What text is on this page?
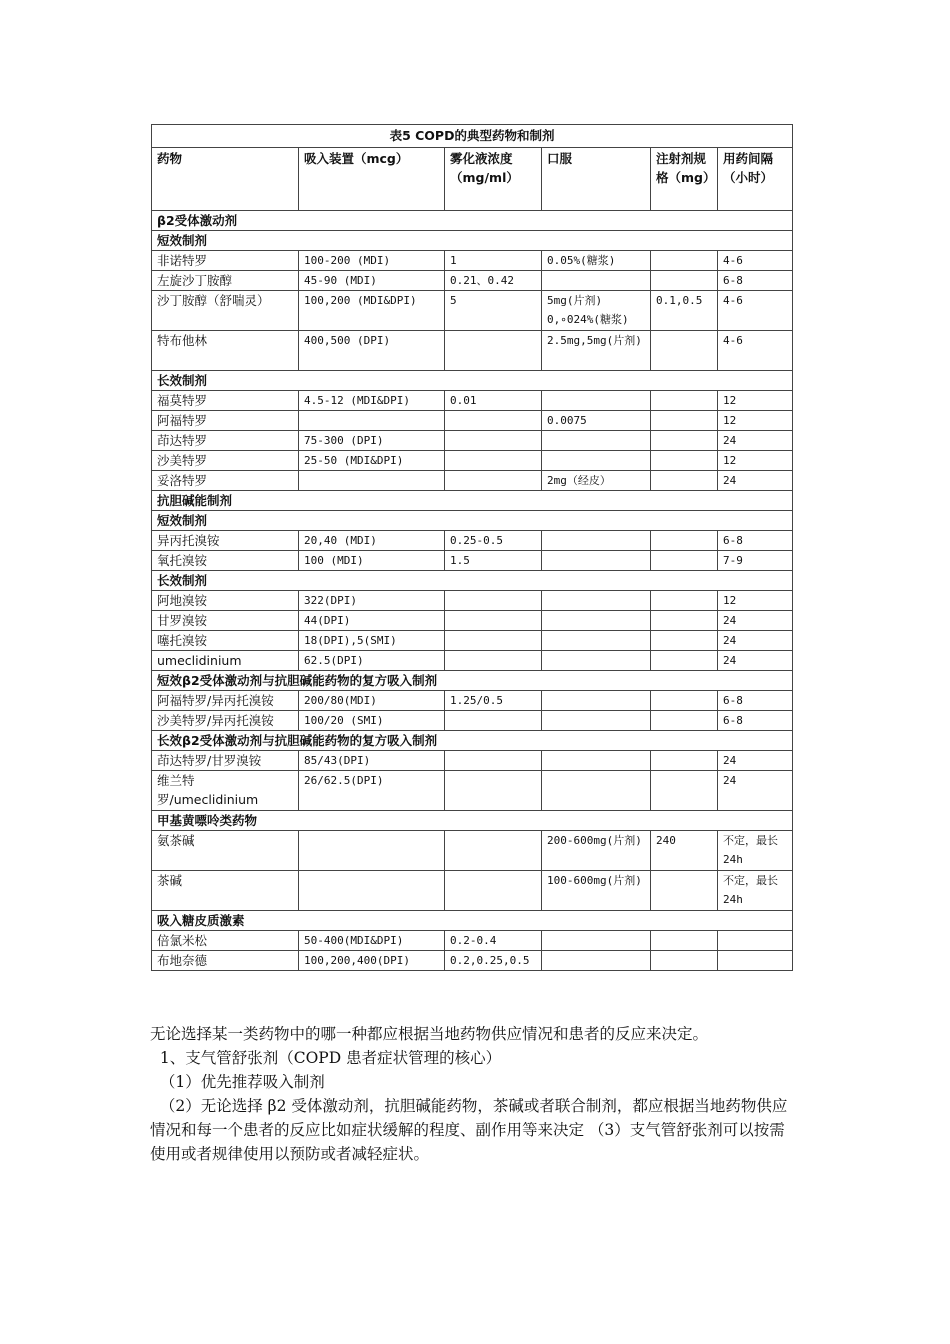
表5 COPD的典型药物和制剂					
药物	吸入装置（mcg）	雾化液浓度（mg/ml）	口服	注射剂规格（mg）	用药间隔（小时）
β2受体激动剂					
短效制剂					
非诺特罗	100-200 (MDI)	1	0.05%(糖浆)		4-6
左旋沙丁胺醇	45-90 (MDI)	0.21、0.42			6-8
沙丁胺醇（舒喘灵）	100,200 (MDI&DPI)	5	5mg(片剂) 0,∘024%(糖浆)	0.1,0.5	4-6
特布他林	400,500 (DPI)		2.5mg,5mg(片剂)		4-6
长效制剂					
福莫特罗	4.5-12 (MDI&DPI)	0.01			12
阿福特罗			0.0075		12
茚达特罗	75-300 (DPI)				24
沙美特罗	25-50 (MDI&DPI)				12
妥洛特罗			2mg（经皮）		24
抗胆碱能制剂					
短效制剂					
异丙托溴铵	20,40 (MDI)	0.25-0.5			6-8
氧托溴铵	100 (MDI)	1.5			7-9
长效制剂					
阿地溴铵	322(DPI)				12
甘罗溴铵	44(DPI)				24
噻托溴铵	18(DPI),5(SMI)				24
umeclidinium	62.5(DPI)				24
短效β2受体激动剂与抗胆碱能药物的复方吸入制剂					
阿福特罗/异丙托溴铵	200/80(MDI)	1.25/0.5			6-8
沙美特罗/异丙托溴铵	100/20 (SMI)				6-8
长效β2受体激动剂与抗胆碱能药物的复方吸入制剂					
茚达特罗/甘罗溴铵	85/43(DPI)				24
维兰特罗/umeclidinium	26/62.5(DPI)				24
甲基黄嘌呤类药物					
氨茶碱			200-600mg(片剂)	240	不定，最长24h
茶碱			100-600mg(片剂)		不定，最长24h
吸入糖皮质激素					
倍氯米松	50-400(MDI&DPI)	0.2-0.4			
布地奈德	100,200,400(DPI)	0.2,0.25,0.5			

无论选择某一类药物中的哪一种都应根据当地药物供应情况和患者的反应来决定。

1、支气管舒张剂（COPD 患者症状管理的核心）

（1）优先推荐吸入制剂

（2）无论选择 β2 受体激动剂，抗胆碱能药物，茶碱或者联合制剂，都应根据当地药物供应情况和每一个患者的反应比如症状缓解的程度、副作用等来决定 （3）支气管舒张剂可以按需使用或者规律使用以预防或者减轻症状。
